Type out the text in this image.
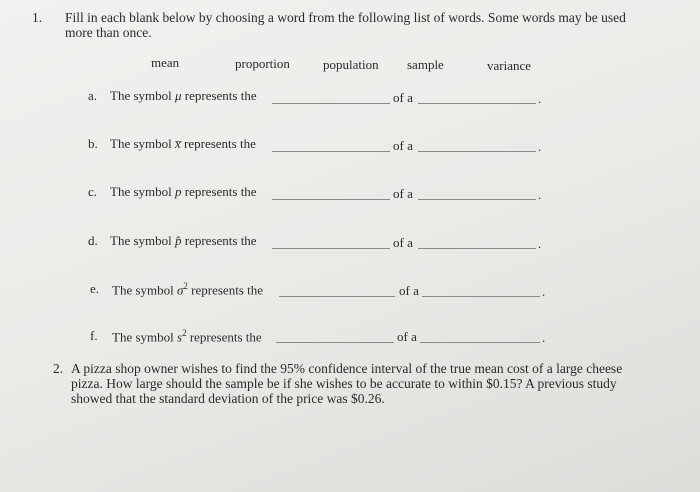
1. Fill in each blank below by choosing a word from the following list of words. Some words may be used
more than once.
mean	proportion	population sample	variance
a. The symbol μ represents the	of a	.
b. The symbol x̅ represents the	of a	.
c. The symbol p represents the	of a	.
d. The symbol p̂ represents the	of a	.
e. The symbol $\sigma^2$ represents the	of a	.
f. The symbol $s^2$ represents the	of a	.
2. A pizza shop owner wishes to find the 95% confidence interval of the true mean cost of a large cheese
pizza. How large should the sample be if she wishes to be accurate to within $0.15? A previous study
showed that the standard deviation of the price was $0.26.
